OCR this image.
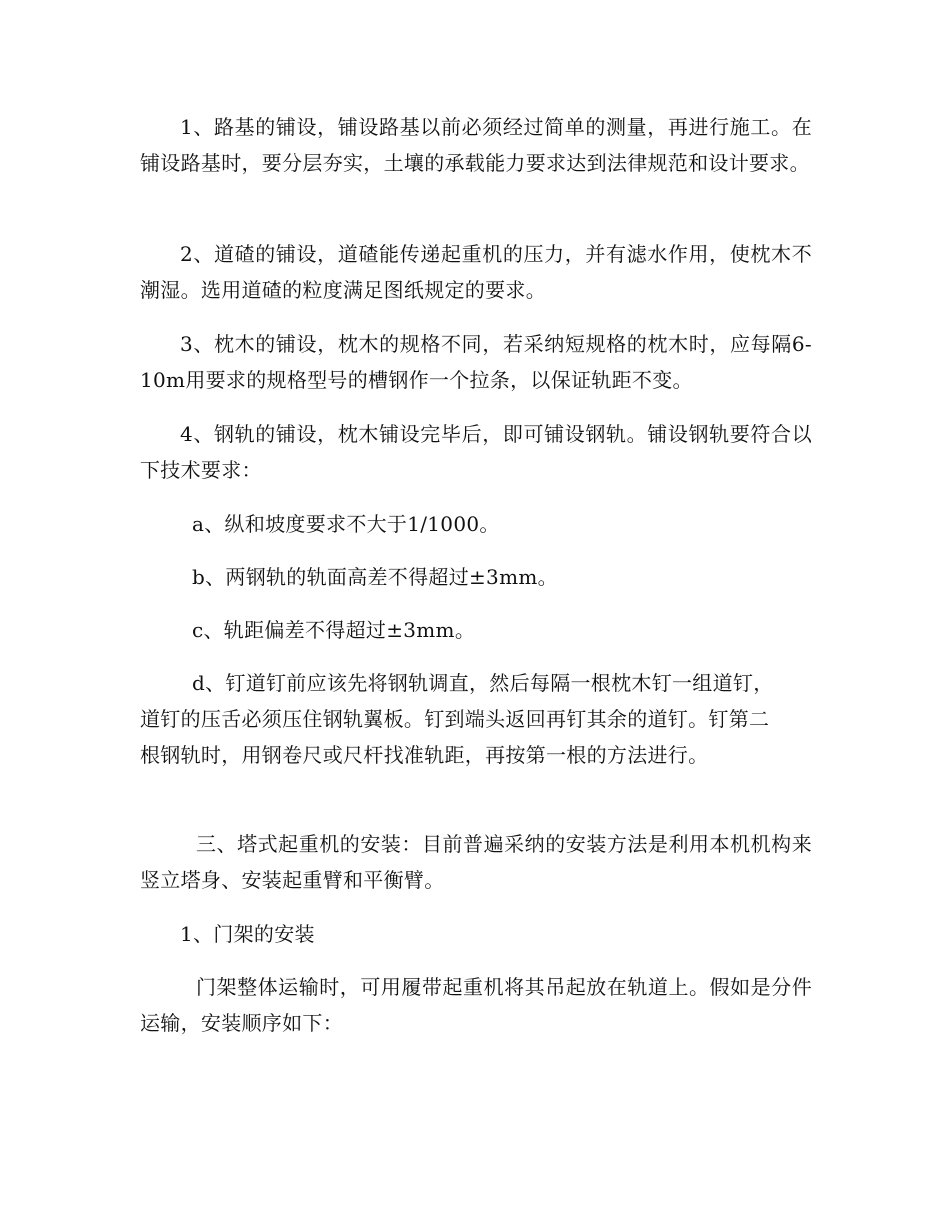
1、路基的铺设，铺设路基以前必须经过简单的测量，再进行施工。在铺设路基时，要分层夯实，土壤的承载能力要求达到法律规范和设计要求。

2、道碴的铺设，道碴能传递起重机的压力，并有滤水作用，使枕木不潮湿。选用道碴的粒度满足图纸规定的要求。

3、枕木的铺设，枕木的规格不同，若采纳短规格的枕木时，应每隔6-10m用要求的规格型号的槽钢作一个拉条，以保证轨距不变。

4、钢轨的铺设，枕木铺设完毕后，即可铺设钢轨。铺设钢轨要符合以下技术要求：

a、纵和坡度要求不大于1/1000。

b、两钢轨的轨面高差不得超过±3mm。

c、轨距偏差不得超过±3mm。

d、钉道钉前应该先将钢轨调直，然后每隔一根枕木钉一组道钉，道钉的压舌必须压住钢轨翼板。钉到端头返回再钉其余的道钉。钉第二根钢轨时，用钢卷尺或尺杆找准轨距，再按第一根的方法进行。

三、塔式起重机的安装：目前普遍采纳的安装方法是利用本机机构来竖立塔身、安装起重臂和平衡臂。

1、门架的安装

门架整体运输时，可用履带起重机将其吊起放在轨道上。假如是分件运输，安装顺序如下：
